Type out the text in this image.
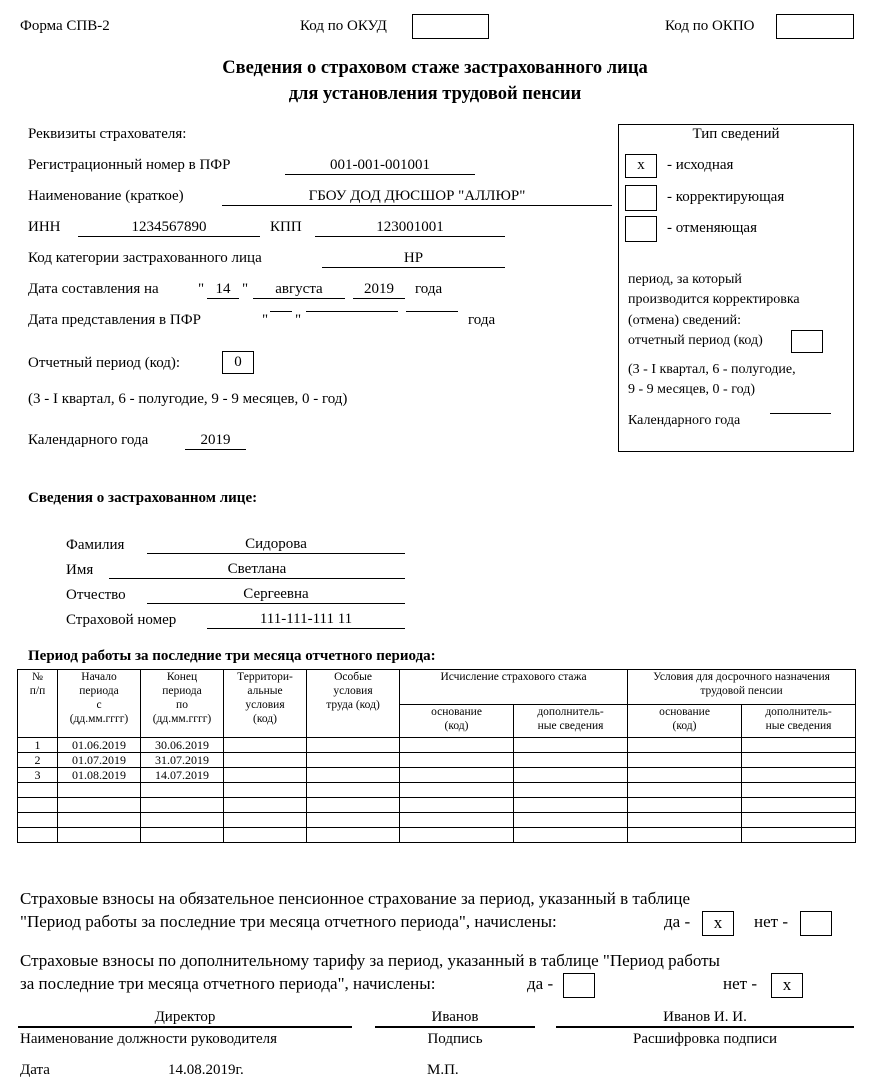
Форма СПВ-2	Код по ОКУД	Код по ОКПО
Сведения о страховом стаже застрахованного лица
для установления трудовой пенсии
Реквизиты страхователя:
Регистрационный номер в ПФР	001-001-001001
Наименование (краткое)	ГБОУ ДОД ДЮСШОР "АЛЛЮР"
ИНН	1234567890	КПП	123001001
Код категории застрахованного лица	НР
Дата составления на	" 14 "	августа	2019	года
Дата представления в ПФР	" "	года
Отчетный период (код):	0
(3 - I квартал, 6 - полугодие, 9 - 9 месяцев, 0 - год)
Календарного года	2019
Тип сведений
x	- исходная
- корректирующая
- отменяющая
период, за который
производится корректировка
(отмена) сведений:
отчетный период (код)
(3 - I квартал, 6 - полугодие,
9 - 9 месяцев, 0 - год)
Календарного года
Сведения о застрахованном лице:
Фамилия	Сидорова
Имя	Светлана
Отчество	Сергеевна
Страховой номер	111-111-111 11
Период работы за последние три месяца отчетного периода:
№
п/п

Начало
периода
с
(дд.мм.гггг)

Конец
периода
по
(дд.мм.гггг)

Территори-
альные
условия
(код)

Особые
условия
труда (код)

Исчисление страхового стажа	Условия для досрочного назначения
трудовой пенсии

основание
(код)

дополнитель-
ные сведения

основание
(код)

дополнитель-
ные сведения

1	01.06.2019	30.06.2019						
2	01.07.2019	31.07.2019						
3	01.08.2019	14.07.2019						

Страховые взносы на обязательное пенсионное страхование за период, указанный в таблице
"Период работы за последние три месяца отчетного периода", начислены:	да -	x	нет -
Страховые взносы по дополнительному тарифу за период, указанный в таблице "Период работы
за последние три месяца отчетного периода", начислены:	да -	нет -	x
Директор	Иванов	Иванов И. И.
Наименование должности руководителя	Подпись	Расшифровка подписи
Дата	14.08.2019г.	М.П.
